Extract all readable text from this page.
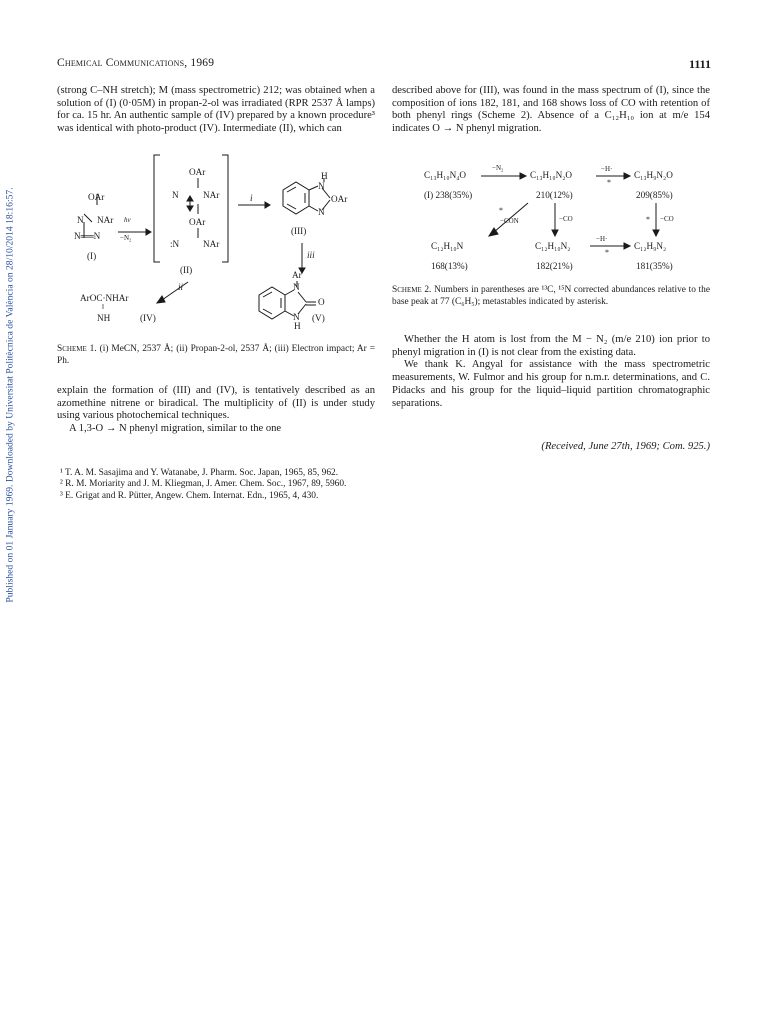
Published on 01 January 1969. Downloaded by Universitat Politècnica de València on 28/10/2014 18:16:57.
Chemical Communications, 1969	1111

(strong C–NH stretch); M (mass spectrometric) 212; was obtained when a solution of (I) (0·05M) in propan-2-ol was irradiated (RPR 2537 Å lamps) for ca. 15 hr. An authentic sample of (IV) prepared by a known procedure³ was identical with photo-product (IV). Intermediate (II), which can

OAr
N NAr hν
−N₂
N══N
(I)
OAr
N	NAr
OAr
:N	NAr
(II)
i
H
N
OAr
N
(III)
iii
ii
ArOC·NHAr
‖
NH	(IV)
Ar
N
O
N
H
(V)
Scheme 1. (i) MeCN, 2537 Å; (ii) Propan-2-ol, 2537 Å; (iii) Electron impact; Ar = Ph.

explain the formation of (III) and (IV), is tentatively described as an azomethine nitrene or biradical. The multiplicity of (II) is under study using various photochemical techniques.

A 1,3-O → N phenyl migration, similar to the one

described above for (III), was found in the mass spectrum of (I), since the composition of ions 182, 181, and 168 shows loss of CO with retention of both phenyl rings (Scheme 2). Absence of a C₁₂H₁₀ ion at m/e 154 indicates O → N phenyl migration.

C₁₃H₁₀N₄O	C₁₃H₁₀N₂O	C₁₃H₉N₂O
−N₂	−H·
*
(I) 238(35%)	210(12%)	209(85%)
*
−CON	−CO	* −CO
C₁₂H₁₀N	C₁₂H₁₀N₂	C₁₂H₉N₂
−H·
*
168(13%)	182(21%)	181(35%)
Scheme 2. Numbers in parentheses are ¹³C, ¹⁵N corrected abundances relative to the base peak at 77 (C₆H₅); metastables indicated by asterisk.

Whether the H atom is lost from the M − N₂ (m/e 210) ion prior to phenyl migration in (I) is not clear from the existing data.

We thank K. Angyal for assistance with the mass spectrometric measurements, W. Fulmor and his group for n.m.r. determinations, and C. Pidacks and his group for the liquid–liquid partition chromatographic separations.

(Received, June 27th, 1969; Com. 925.)
¹ T. A. M. Sasajima and Y. Watanabe, J. Pharm. Soc. Japan, 1965, 85, 962.
² R. M. Moriarity and J. M. Kliegman, J. Amer. Chem. Soc., 1967, 89, 5960.
³ E. Grigat and R. Pütter, Angew. Chem. Internat. Edn., 1965, 4, 430.
